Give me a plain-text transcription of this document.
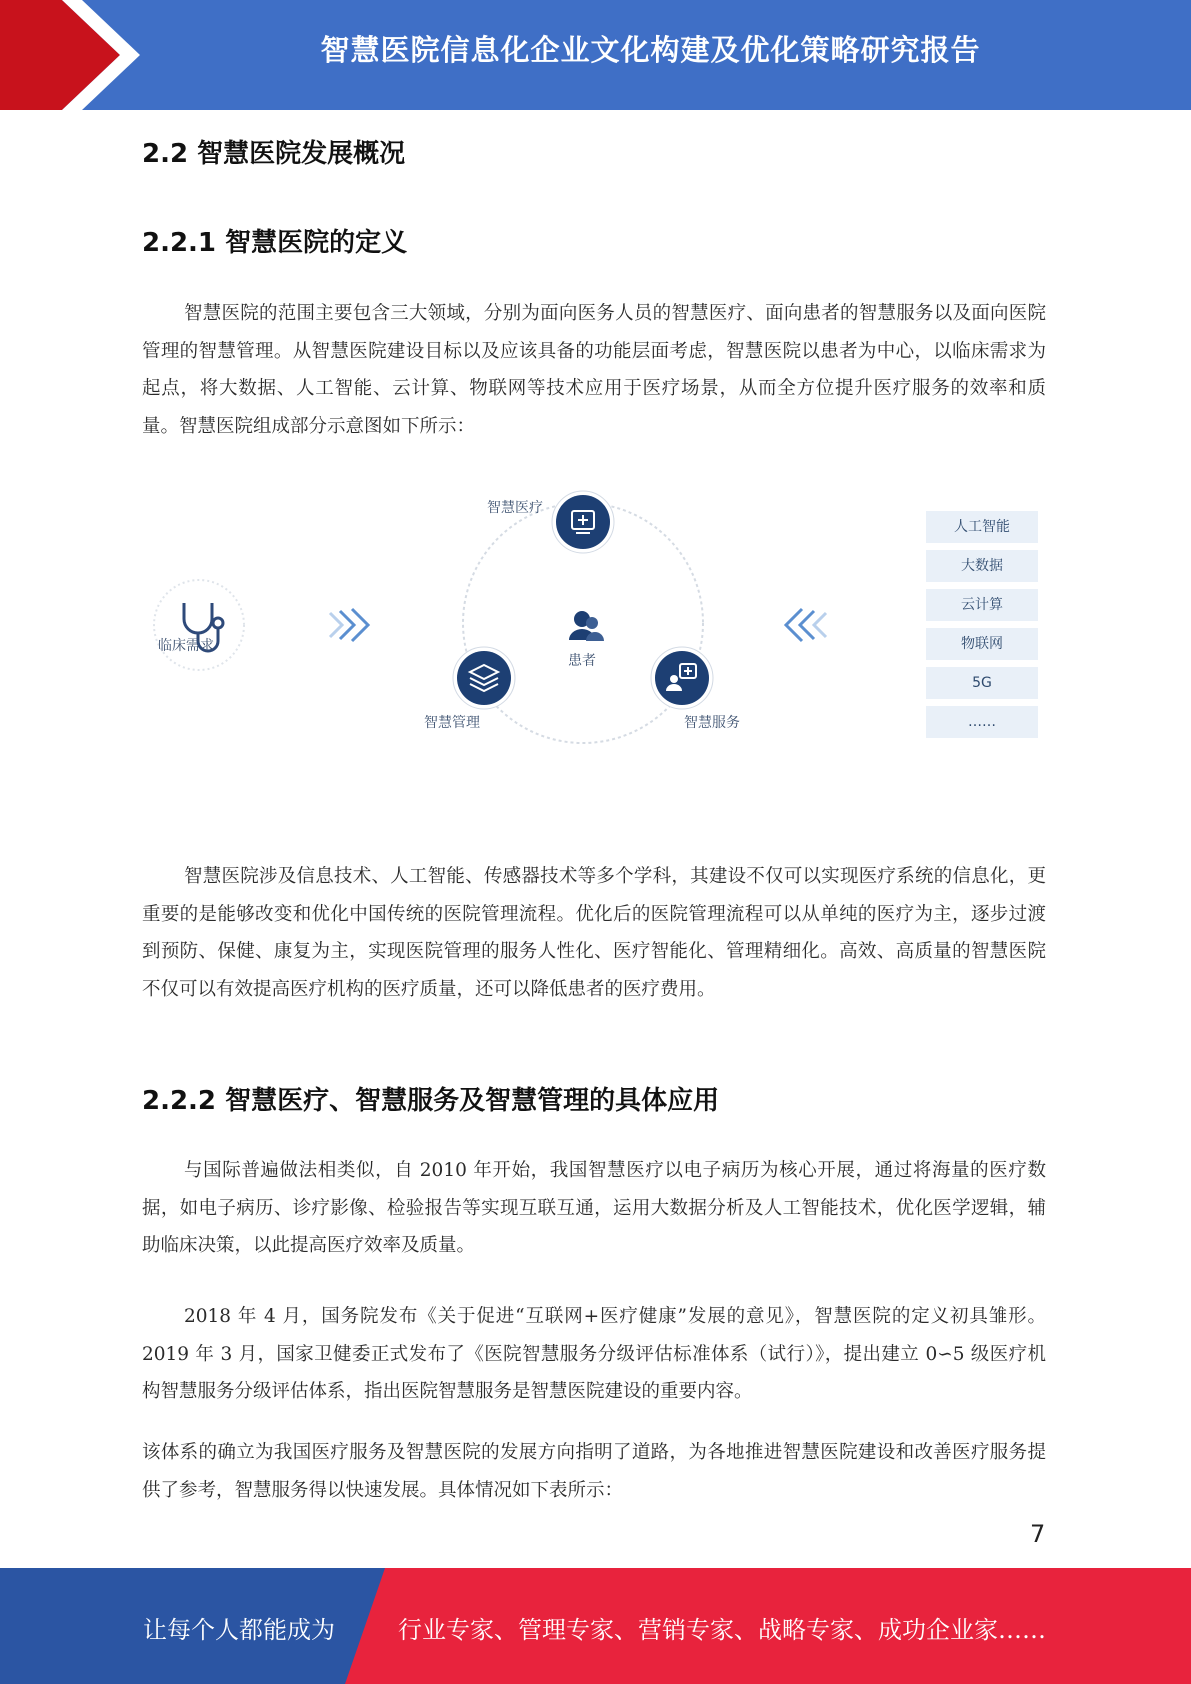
智慧医院信息化企业文化构建及优化策略研究报告
2.2 智慧医院发展概况
2.2.1 智慧医院的定义

智慧医院的范围主要包含三大领域，分别为面向医务人员的智慧医疗、面向患者的智慧服务以及面向医院管理的智慧管理。从智慧医院建设目标以及应该具备的功能层面考虑，智慧医院以患者为中心，以临床需求为起点，将大数据、人工智能、云计算、物联网等技术应用于医疗场景，从而全方位提升医疗服务的效率和质量。智慧医院组成部分示意图如下所示：

智慧医院涉及信息技术、人工智能、传感器技术等多个学科，其建设不仅可以实现医疗系统的信息化，更重要的是能够改变和优化中国传统的医院管理流程。优化后的医院管理流程可以从单纯的医疗为主，逐步过渡到预防、保健、康复为主，实现医院管理的服务人性化、医疗智能化、管理精细化。高效、高质量的智慧医院不仅可以有效提高医疗机构的医疗质量，还可以降低患者的医疗费用。

2.2.2 智慧医疗、智慧服务及智慧管理的具体应用

与国际普遍做法相类似，自 2010 年开始，我国智慧医疗以电子病历为核心开展，通过将海量的医疗数据，如电子病历、诊疗影像、检验报告等实现互联互通，运用大数据分析及人工智能技术，优化医学逻辑，辅助临床决策，以此提高医疗效率及质量。

2018 年 4 月，国务院发布《关于促进“互联网+医疗健康”发展的意见》，智慧医院的定义初具雏形。2019 年 3 月，国家卫健委正式发布了《医院智慧服务分级评估标准体系（试行）》，提出建立 0∽5 级医疗机构智慧服务分级评估体系，指出医院智慧服务是智慧医院建设的重要内容。

该体系的确立为我国医疗服务及智慧医院的发展方向指明了道路，为各地推进智慧医院建设和改善医疗服务提供了参考，智慧服务得以快速发展。具体情况如下表所示：

临床需求
患者
智慧医疗
智慧管理	智慧服务
人工智能
大数据
云计算
物联网
5G
……
7
让每个人都能成为	行业专家、管理专家、营销专家、战略专家、成功企业家……
